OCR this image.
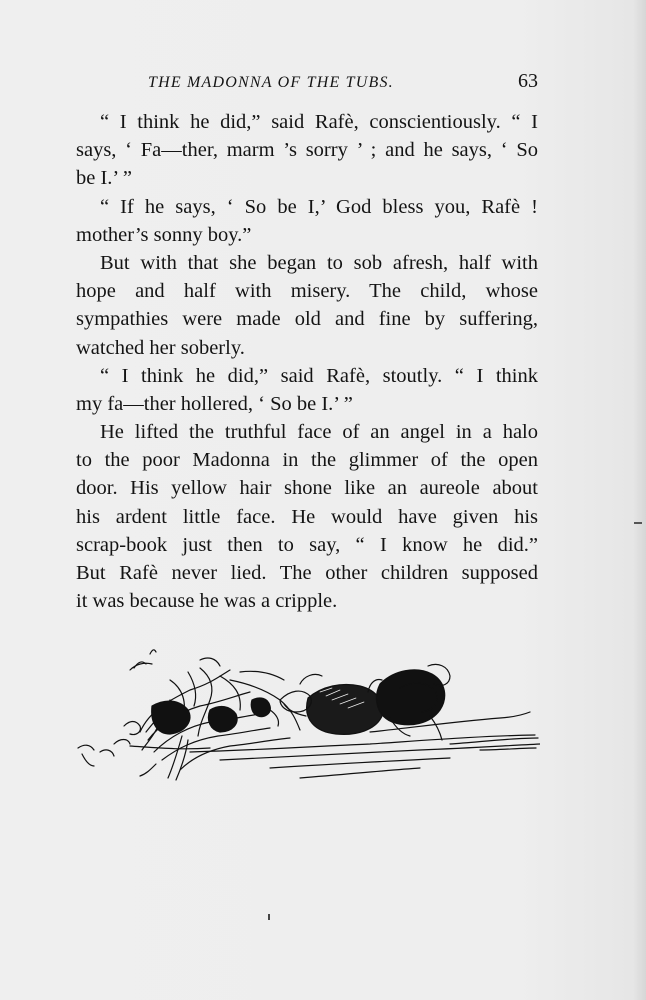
THE MADONNA OF THE TUBS.	63
“ I think he did,” said Rafè, conscientiously. “ I
says, ‘ Fa—ther, marm ’s sorry ’ ; and he says, ‘ So
be I.’ ”
“ If he says, ‘ So be I,’ God bless you, Rafè !
mother’s sonny boy.”
But with that she began to sob afresh, half with
hope and half with misery. The child, whose
sympathies were made old and fine by suffering,
watched her soberly.
“ I think he did,” said Rafè, stoutly. “ I think
my fa—ther hollered, ‘ So be I.’ ”
He lifted the truthful face of an angel in a halo
to the poor Madonna in the glimmer of the open
door. His yellow hair shone like an aureole about
his ardent little face. He would have given his
scrap-book just then to say, “ I know he did.”
But Rafè never lied. The other children supposed
it was because he was a cripple.
